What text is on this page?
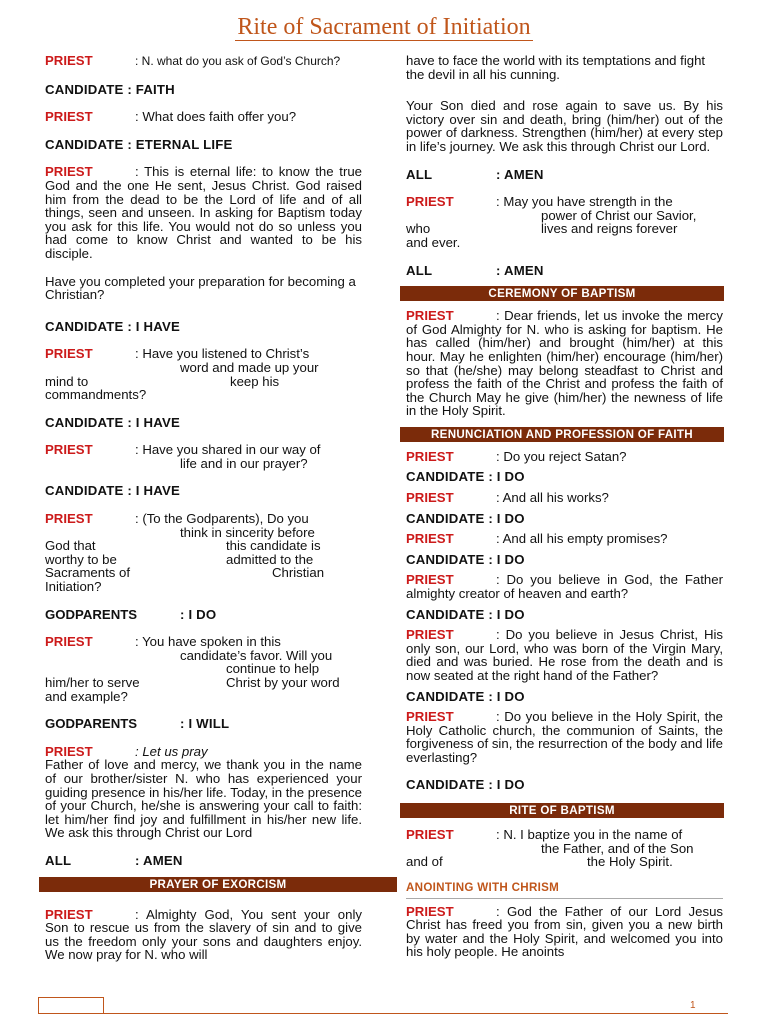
Rite of Sacrament of Initiation
PRIEST	: N. what do you ask of God’s Church?
CANDIDATE : FAITH
PRIEST	: What does faith offer you?
CANDIDATE : ETERNAL LIFE
PRIEST	: This is eternal life: to know the true God and the one He sent, Jesus Christ. God raised him from the dead to be the Lord of life and of all things, seen and unseen. In asking for Baptism today you ask for this life. You would not do so unless you had come to know Christ and wanted to be his disciple.
Have you completed your preparation for becoming a Christian?
CANDIDATE : I HAVE
PRIEST	: Have you listened to Christ’s
word and made up your
mind to	keep his
commandments?
CANDIDATE : I HAVE
PRIEST	: Have you shared in our way of
life and in our prayer?
CANDIDATE : I HAVE
PRIEST	: (To the Godparents), Do you
think in sincerity before
God that	this candidate is
worthy to be	admitted to the
Sacraments of	Christian
Initiation?
GODPARENTS	: I DO
PRIEST	: You have spoken in this
candidate’s favor. Will you
continue to help
him/her to serve	Christ by your word
and example?
GODPARENTS	: I WILL
PRIEST	: Let us pray
Father of love and mercy, we thank you in the name of our brother/sister N. who has experienced your guiding presence in his/her life. Today, in the presence of your Church, he/she is answering your call to faith: let him/her find joy and fulfillment in his/her new life. We ask this through Christ our Lord
ALL	: AMEN
PRAYER OF EXORCISM
PRIEST	: Almighty God, You sent your only Son to rescue us from the slavery of sin and to give us the freedom only your sons and daughters enjoy. We now pray for N. who will
have to face the world with its temptations and fight the devil in all his cunning.
Your Son died and rose again to save us. By his victory over sin and death, bring (him/her) out of the power of darkness. Strengthen (him/her) at every step in life’s journey. We ask this through Christ our Lord.
ALL	: AMEN
PRIEST	: May you have strength in the
power of Christ our Savior,
who	lives and reigns forever
and ever.
ALL	: AMEN
CEREMONY OF BAPTISM
PRIEST	: Dear friends, let us invoke the mercy of God Almighty for N. who is asking for baptism. He has called (him/her) and brought (him/her) at this hour. May he enlighten (him/her) encourage (him/her) so that (he/she) may belong steadfast to Christ and profess the faith of the Christ and profess the faith of the Church May he give (him/her) the newness of life in the Holy Spirit.
RENUNCIATION AND PROFESSION OF FAITH
PRIEST	: Do you reject Satan?
CANDIDATE : I DO
PRIEST	: And all his works?
CANDIDATE : I DO
PRIEST	: And all his empty promises?
CANDIDATE : I DO
PRIEST	: Do you believe in God, the Father almighty creator of heaven and earth?
CANDIDATE : I DO
PRIEST	: Do you believe in Jesus Christ, His only son, our Lord, who was born of the Virgin Mary, died and was buried. He rose from the death and is now seated at the right hand of the Father?
CANDIDATE : I DO
PRIEST	: Do you believe in the Holy Spirit, the Holy Catholic church, the communion of Saints, the forgiveness of sin, the resurrection of the body and life everlasting?
CANDIDATE : I DO
RITE OF BAPTISM
PRIEST	: N. I baptize you in the name of
the Father, and of the Son
and of	the Holy Spirit.
ANOINTING WITH CHRISM
PRIEST	: God the Father of our Lord Jesus Christ has freed you from sin, given you a new birth by water and the Holy Spirit, and welcomed you into his holy people. He anoints
1
